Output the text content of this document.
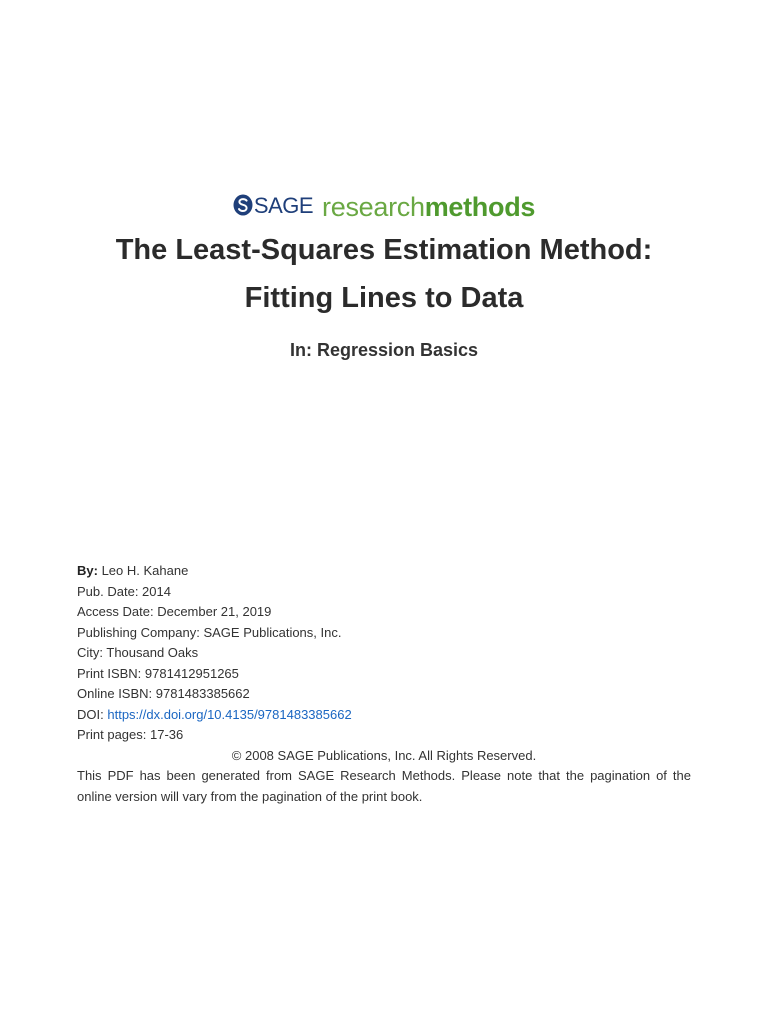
SAGE researchmethods
The Least-Squares Estimation Method:
Fitting Lines to Data
In: Regression Basics
By: Leo H. Kahane
Pub. Date: 2014
Access Date: December 21, 2019
Publishing Company: SAGE Publications, Inc.
City: Thousand Oaks
Print ISBN: 9781412951265
Online ISBN: 9781483385662
DOI: https://dx.doi.org/10.4135/9781483385662
Print pages: 17-36
© 2008 SAGE Publications, Inc. All Rights Reserved.
This PDF has been generated from SAGE Research Methods. Please note that the pagination of the online version will vary from the pagination of the print book.
